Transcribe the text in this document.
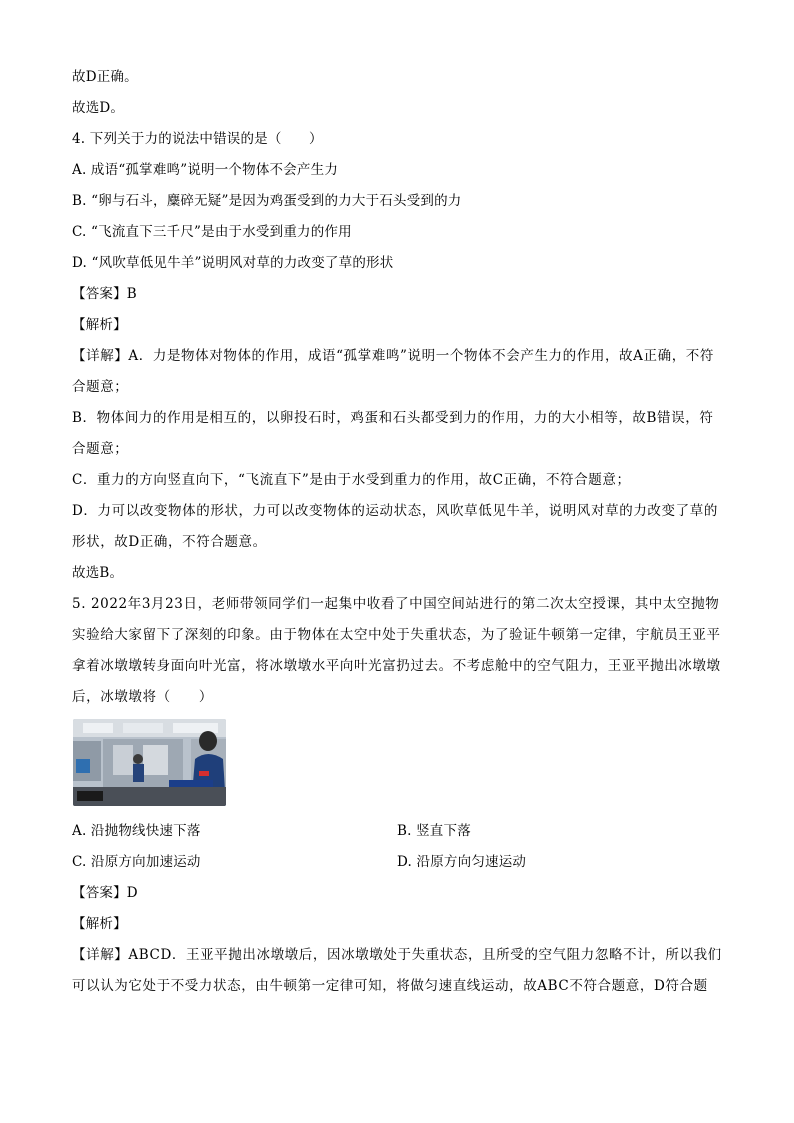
故D正确。
故选D。
4. 下列关于力的说法中错误的是（　　）
A. 成语“孤掌难鸣”说明一个物体不会产生力
B. “卵与石斗，麋碎无疑”是因为鸡蛋受到的力大于石头受到的力
C. “飞流直下三千尺”是由于水受到重力的作用
D. “风吹草低见牛羊”说明风对草的力改变了草的形状
【答案】B
【解析】
【详解】A．力是物体对物体的作用，成语“孤掌难鸣”说明一个物体不会产生力的作用，故A正确，不符合题意；
B．物体间力的作用是相互的，以卵投石时，鸡蛋和石头都受到力的作用，力的大小相等，故B错误，符合题意；
C．重力的方向竖直向下，“飞流直下”是由于水受到重力的作用，故C正确，不符合题意；
D．力可以改变物体的形状，力可以改变物体的运动状态，风吹草低见牛羊，说明风对草的力改变了草的形状，故D正确，不符合题意。
故选B。
5. 2022年3月23日，老师带领同学们一起集中收看了中国空间站进行的第二次太空授课，其中太空抛物实验给大家留下了深刻的印象。由于物体在太空中处于失重状态，为了验证牛顿第一定律，宇航员王亚平拿着冰墩墩转身面向叶光富，将冰墩墩水平向叶光富扔过去。不考虑舱中的空气阻力，王亚平抛出冰墩墩后，冰墩墩将（　　）
A. 沿抛物线快速下落	B. 竖直下落
C. 沿原方向加速运动	D. 沿原方向匀速运动
【答案】D
【解析】
【详解】ABCD．王亚平抛出冰墩墩后，因冰墩墩处于失重状态，且所受的空气阻力忽略不计，所以我们可以认为它处于不受力状态，由牛顿第一定律可知，将做匀速直线运动，故ABC不符合题意，D符合题
